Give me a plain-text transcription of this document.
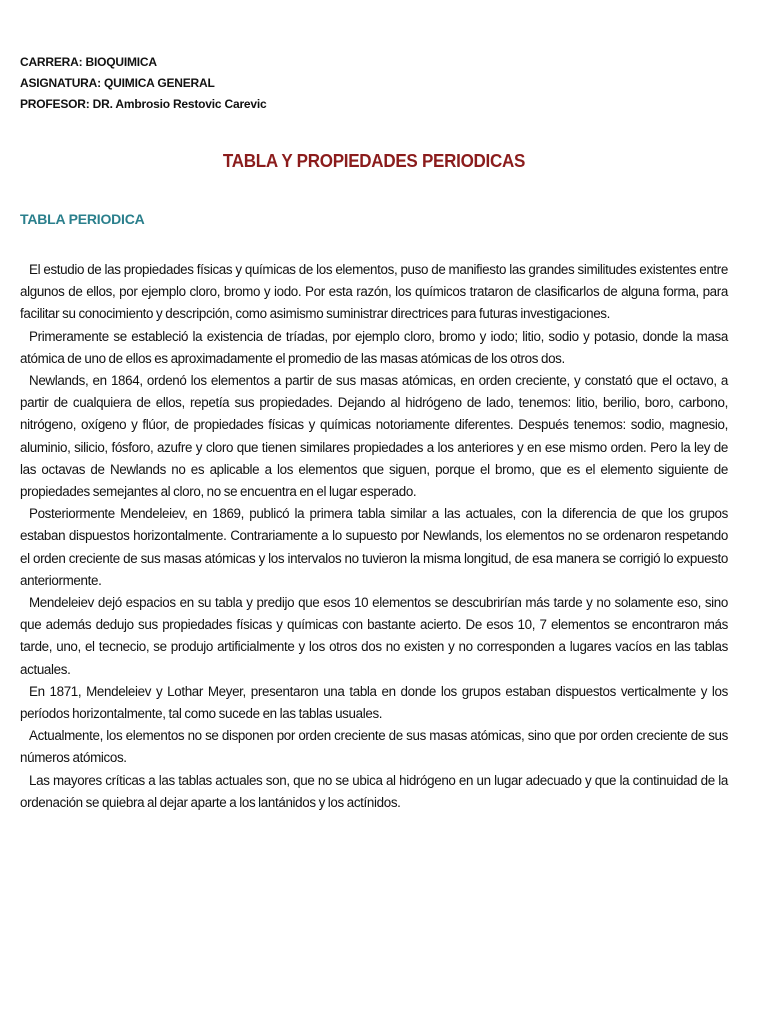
CARRERA: BIOQUIMICA
ASIGNATURA: QUIMICA GENERAL
PROFESOR: DR. Ambrosio Restovic Carevic
TABLA Y PROPIEDADES PERIODICAS
TABLA PERIODICA

El estudio de las propiedades físicas y químicas de los elementos, puso de manifiesto las grandes similitudes existentes entre algunos de ellos, por ejemplo cloro, bromo y iodo. Por esta razón, los químicos trataron de clasificarlos de alguna forma, para facilitar su conocimiento y descripción, como asimismo suministrar directrices para futuras investigaciones.

Primeramente se estableció la existencia de tríadas, por ejemplo cloro, bromo y iodo; litio, sodio y potasio, donde la masa atómica de uno de ellos es aproximadamente el promedio de las masas atómicas de los otros dos.

Newlands, en 1864, ordenó los elementos a partir de sus masas atómicas, en orden creciente, y constató que el octavo, a partir de cualquiera de ellos, repetía sus propiedades. Dejando al hidrógeno de lado, tenemos: litio, berilio, boro, carbono, nitrógeno, oxígeno y flúor, de propiedades físicas y químicas notoriamente diferentes. Después tenemos: sodio, magnesio, aluminio, silicio, fósforo, azufre y cloro que tienen similares propiedades a los anteriores y en ese mismo orden. Pero la ley de las octavas de Newlands no es aplicable a los elementos que siguen, porque el bromo, que es el elemento siguiente de propiedades semejantes al cloro, no se encuentra en el lugar esperado.

Posteriormente Mendeleiev, en 1869, publicó la primera tabla similar a las actuales, con la diferencia de que los grupos estaban dispuestos horizontalmente. Contrariamente a lo supuesto por Newlands, los elementos no se ordenaron respetando el orden creciente de sus masas atómicas y los intervalos no tuvieron la misma longitud, de esa manera se corrigió lo expuesto anteriormente.

Mendeleiev dejó espacios en su tabla y predijo que esos 10 elementos se descubrirían más tarde y no solamente eso, sino que además dedujo sus propiedades físicas y químicas con bastante acierto. De esos 10, 7 elementos se encontraron más tarde, uno, el tecnecio, se produjo artificialmente y los otros dos no existen y no corresponden a lugares vacíos en las tablas actuales.

En 1871, Mendeleiev y Lothar Meyer, presentaron una tabla en donde los grupos estaban dispuestos verticalmente y los períodos horizontalmente, tal como sucede en las tablas usuales.

Actualmente, los elementos no se disponen por orden creciente de sus masas atómicas, sino que por orden creciente de sus números atómicos.

Las mayores críticas a las tablas actuales son, que no se ubica al hidrógeno en un lugar adecuado y que la continuidad de la ordenación se quiebra al dejar aparte a los lantánidos y los actínidos.
